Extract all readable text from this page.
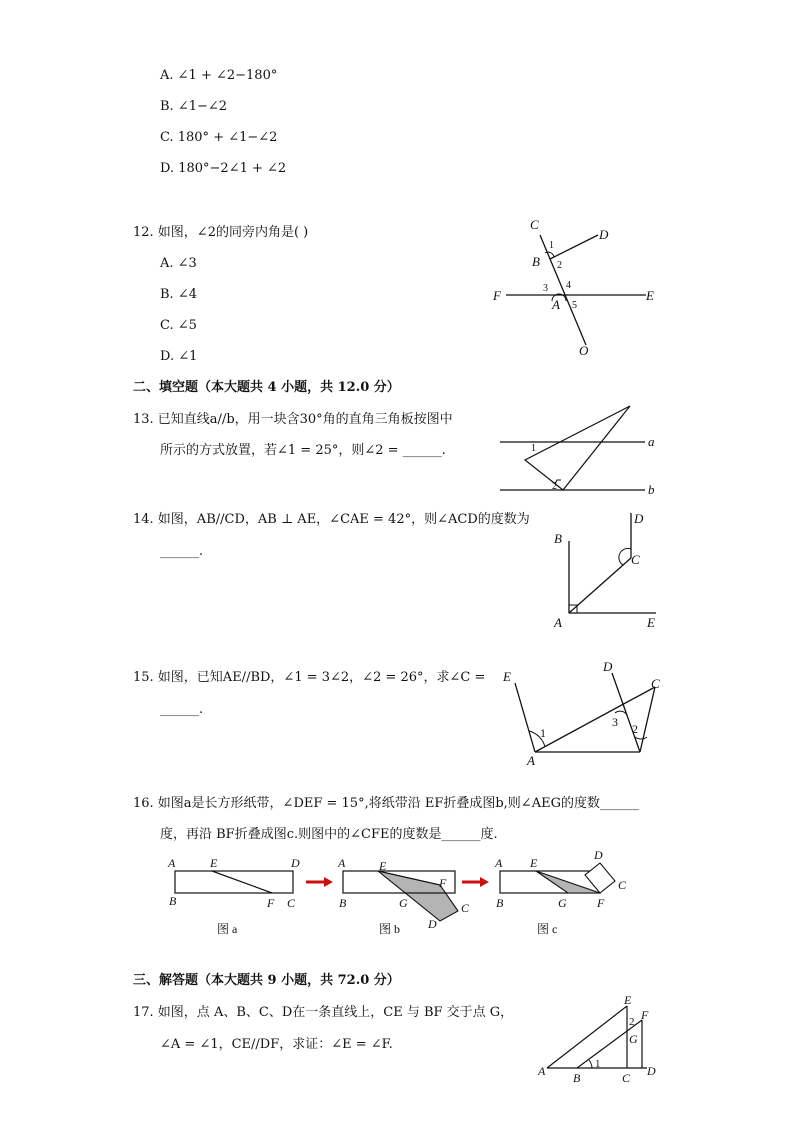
A. ∠1 + ∠2−180°
B. ∠1−∠2
C. 180° + ∠1−∠2
D. 180°−2∠1 + ∠2
12. 如图，∠2的同旁内角是( )
A. ∠3
B. ∠4
C. ∠5
D. ∠1
C
D
B
F
A
E
O
1
2
3 4
5
二、填空题（本大题共 4 小题，共 12.0 分）
13. 已知直线a//b，用一块含30°角的直角三角板按图中
所示的方式放置，若∠1 = 25°，则∠2 = ______.
a
b
1
2
14. 如图，AB//CD，AB ⊥ AE，∠CAE = 42°，则∠ACD的度数为
______.
B
D
C
A	E
15. 如图，已知AE//BD，∠1 = 3∠2，∠2 = 26°，求∠C =
______.
E
D
C
A
1	2
3
16. 如图a是长方形纸带，∠DEF = 15°,将纸带沿 EF折叠成图b,则∠AEG的度数______
度，再沿 BF折叠成图c.则图中的∠CFE的度数是______度.
A	E	D
B	F C
图 a
A	E
F
B	G	C
D
图 b
A E
D
C
B	G	F
图 c
三、解答题（本大题共 9 小题，共 72.0 分）
17. 如图，点 A、B、C、D在一条直线上，CE 与 BF 交于点 G，
∠A = ∠1，CE//DF，求证：∠E = ∠F.
E
F
G
A B	C D
1
2
